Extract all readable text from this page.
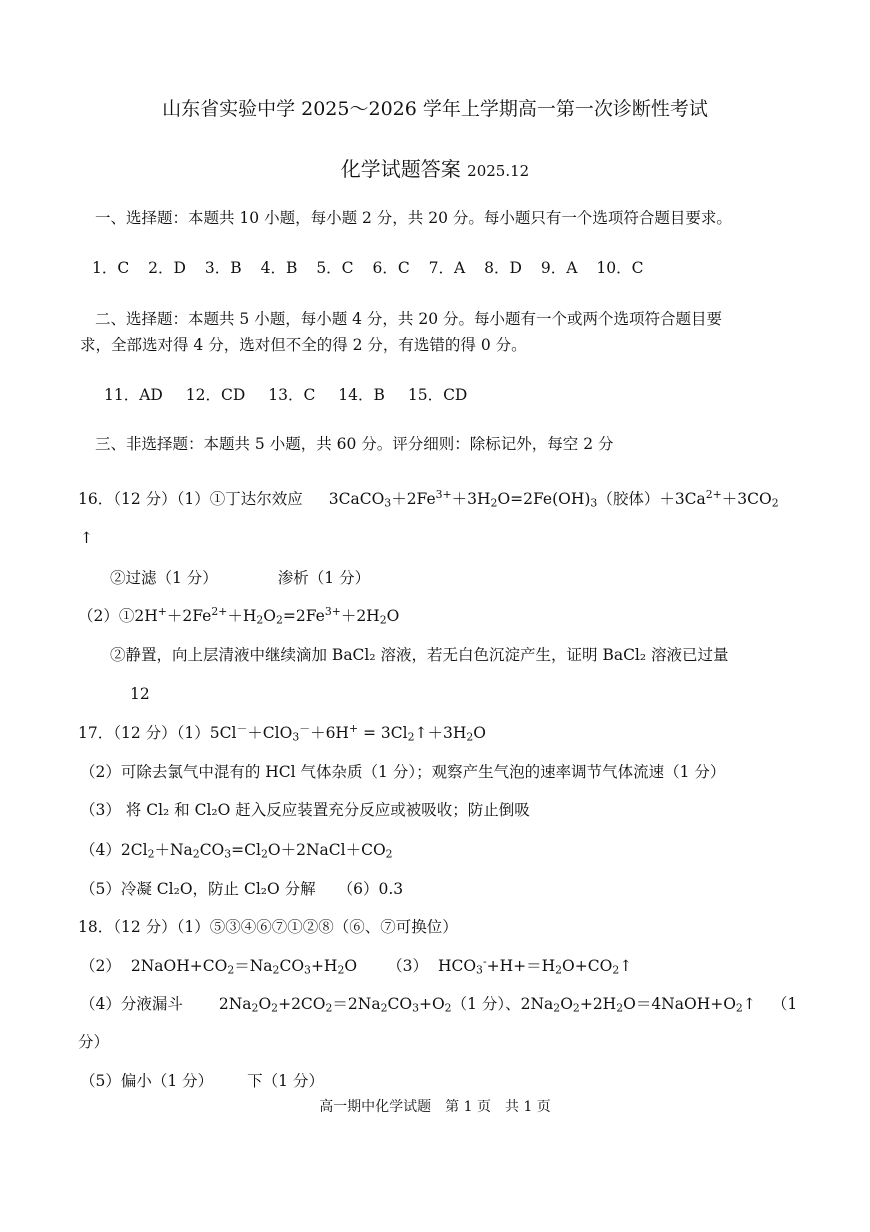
山东省实验中学 2025～2026 学年上学期高一第一次诊断性考试
化学试题答案 2025.12
一、选择题：本题共 10 小题，每小题 2 分，共 20 分。每小题只有一个选项符合题目要求。
1．C 2．D 3．B 4．B 5．C 6．C 7．A 8．D 9．A 10．C
二、选择题：本题共 5 小题，每小题 4 分，共 20 分。每小题有一个或两个选项符合题目要
求，全部选对得 4 分，选对但不全的得 2 分，有选错的得 0 分。
11．AD 12．CD 13．C 14．B 15．CD
三、非选择题：本题共 5 小题，共 60 分。评分细则：除标记外，每空 2 分
16．（12 分）（1）①丁达尔效应 $3CaCO_3+2Fe^{3+}+3H_2O=2Fe(OH)_3$（胶体）$+3Ca^{2+}+3CO_2$
↑
②过滤（1 分）	渗析（1 分）
$(2)①2H^++2Fe^{2+}+H_2O_2=2Fe^{3+}+2H_2O$
②静置，向上层清液中继续滴加 BaCl₂ 溶液，若无白色沉淀产生，证明 BaCl₂ 溶液已过量
12
17．（12 分）$(1)5Cl^-+ClO_3^-+6H^+ = 3Cl_2↑+3H_2O$
（2）可除去氯气中混有的 HCl 气体杂质（1 分）；观察产生气泡的速率调节气体流速（1 分）
（3） 将 Cl₂ 和 Cl₂O 赶入反应装置充分反应或被吸收；防止倒吸
$(4)2Cl_2+Na_2CO_3=Cl_2O+2NaCl+CO_2$
（5）冷凝 Cl₂O，防止 Cl₂O 分解 （6）0.3
18．（12 分）（1）⑤③④⑥⑦①②⑧（⑥、⑦可换位）
（2） $2NaOH+CO_2=Na_2CO_3+H_2O$ （3） $HCO_3^-+H+=H_2O+CO_2↑$
（4）分液漏斗 $2Na_2O_2+2CO_2=2Na_2CO_3+O_2(1$ 分）、$2Na_2O_2+2H_2O=4NaOH+O_2↑$ （1
分）
（5）偏小（1 分） 下（1 分）
高一期中化学试题　第 1 页　共 1 页
